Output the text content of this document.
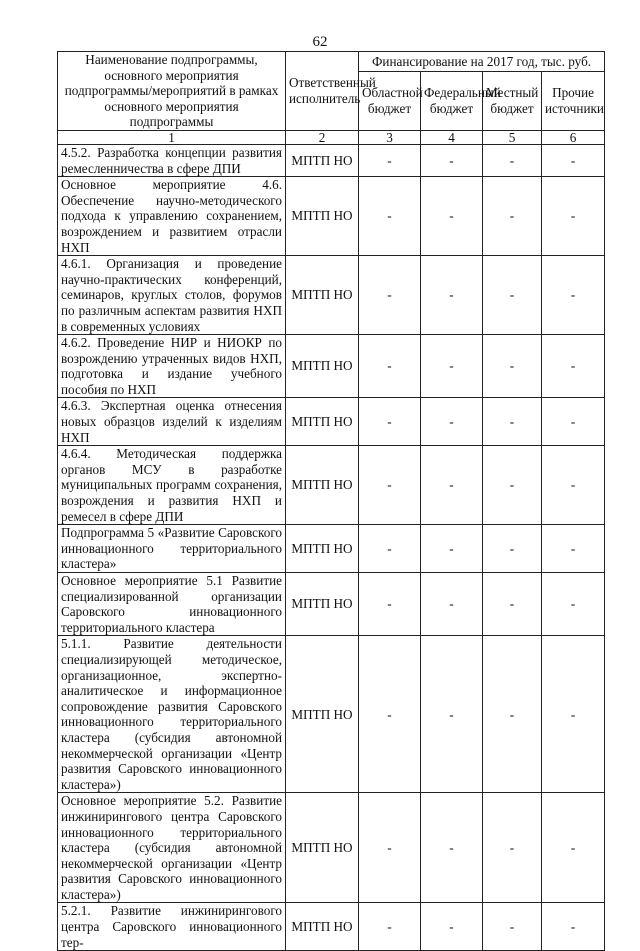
62
Наименование подпрограммы, основного мероприятия подпрограммы/мероприятий в рамках основного мероприятия подпрограммы	Ответственный исполнитель	Финансирование на 2017 год, тыс. руб.			
		Областной бюджет	Федеральный бюджет	Местный бюджет	Прочие источники
1	2	3	4	5	6
4.5.2. Разработка концепции развития ремесленничества в сфере ДПИ	МПТП НО	-	-	-	-
Основное мероприятие 4.6. Обеспечение научно-методического подхода к управлению сохранением, возрождением и развитием отрасли НХП	МПТП НО	-	-	-	-
4.6.1. Организация и проведение научно-практических конференций, семинаров, круглых столов, форумов по различным аспектам развития НХП в современных условиях	МПТП НО	-	-	-	-
4.6.2. Проведение НИР и НИОКР по возрождению утраченных видов НХП, подготовка и издание учебного пособия по НХП	МПТП НО	-	-	-	-
4.6.3. Экспертная оценка отнесения новых образцов изделий к изделиям НХП	МПТП НО	-	-	-	-
4.6.4. Методическая поддержка органов МСУ в разработке муниципальных программ сохранения, возрождения и развития НХП и ремесел в сфере ДПИ	МПТП НО	-	-	-	-
Подпрограмма 5 «Развитие Саровского инновационного территориального кластера»	МПТП НО	-	-	-	-
Основное мероприятие 5.1 Развитие специализированной организации Саровского инновационного территориального кластера	МПТП НО	-	-	-	-
5.1.1. Развитие деятельности специализирующей методическое, организационное, экспертно-аналитическое и информационное сопровождение развития Саровского инновационного территориального кластера (субсидия автономной некоммерческой организации «Центр развития Саровского инновационного кластера»)	МПТП НО	-	-	-	-
Основное мероприятие 5.2. Развитие инжинирингового центра Саровского инновационного территориального кластера (субсидия автономной некоммерческой организации «Центр развития Саровского инновационного кластера»)	МПТП НО	-	-	-	-
5.2.1. Развитие инжинирингового центра Саровского инновационного тер-	МПТП НО	-	-	-	-
